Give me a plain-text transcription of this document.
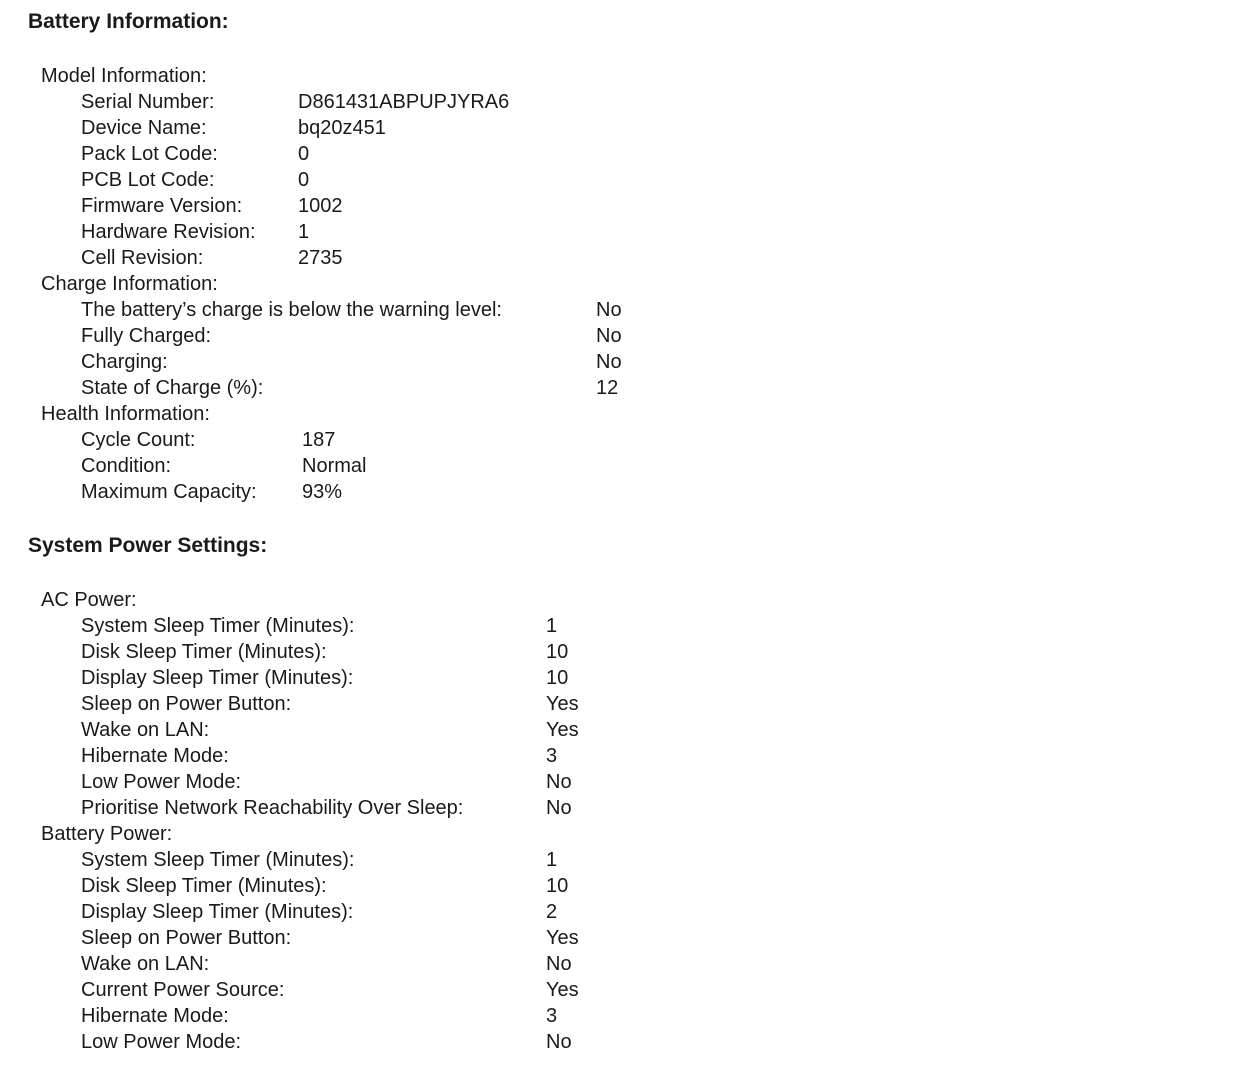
Battery Information:
Model Information:
Serial Number:	D861431ABPUPJYRA6
Device Name:	bq20z451
Pack Lot Code:	0
PCB Lot Code:	0
Firmware Version:	1002
Hardware Revision: 1
Cell Revision:	2735
Charge Information:
The battery’s charge is below the warning level:	No
Fully Charged:	No
Charging:	No
State of Charge (%):	12
Health Information:
Cycle Count:	187
Condition:	Normal
Maximum Capacity: 93%
System Power Settings:
AC Power:
System Sleep Timer (Minutes):	1
Disk Sleep Timer (Minutes):	10
Display Sleep Timer (Minutes):	10
Sleep on Power Button:	Yes
Wake on LAN:	Yes
Hibernate Mode:	3
Low Power Mode:	No
Prioritise Network Reachability Over Sleep:	No
Battery Power:
System Sleep Timer (Minutes):	1
Disk Sleep Timer (Minutes):	10
Display Sleep Timer (Minutes):	2
Sleep on Power Button:	Yes
Wake on LAN:	No
Current Power Source:	Yes
Hibernate Mode:	3
Low Power Mode:	No
